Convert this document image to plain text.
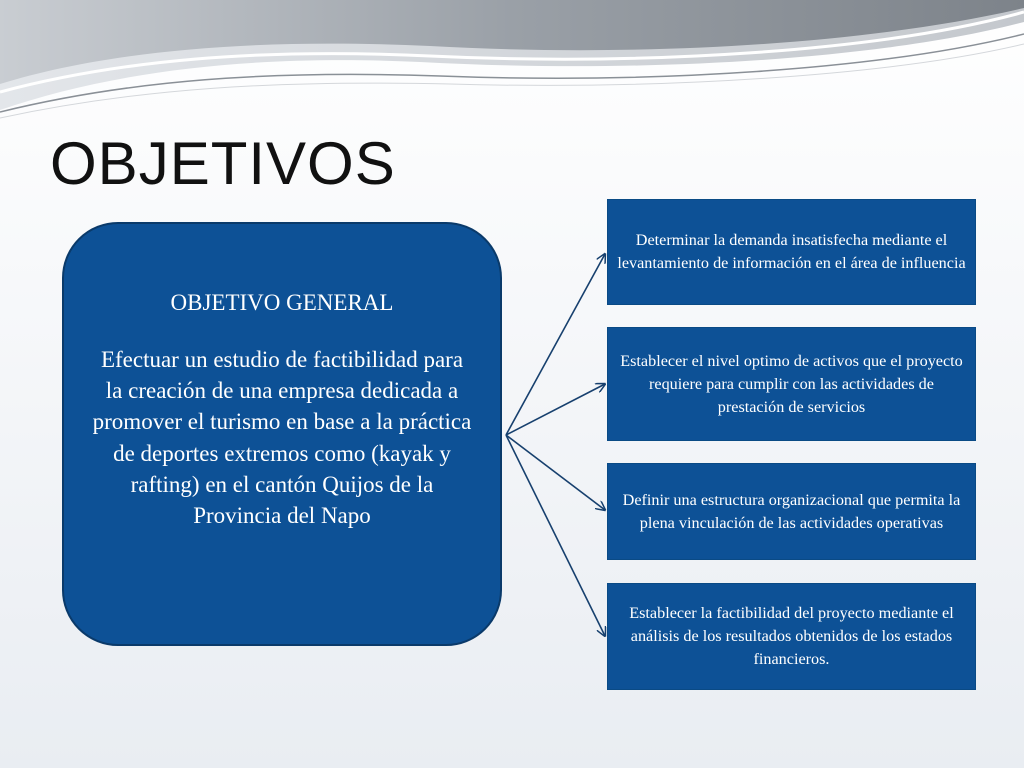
OBJETIVOS
OBJETIVO GENERAL
Efectuar un estudio de factibilidad para la creación de una empresa dedicada a promover el turismo en base a la práctica de deportes extremos como (kayak y rafting) en el cantón Quijos de la Provincia del Napo
Determinar la demanda insatisfecha mediante el levantamiento de información en el área de influencia
Establecer el nivel optimo de activos que el proyecto requiere para cumplir con las actividades de prestación de servicios
Definir una estructura organizacional que permita la plena vinculación de las actividades operativas
Establecer la factibilidad del proyecto mediante el análisis de los resultados obtenidos de los estados financieros.
